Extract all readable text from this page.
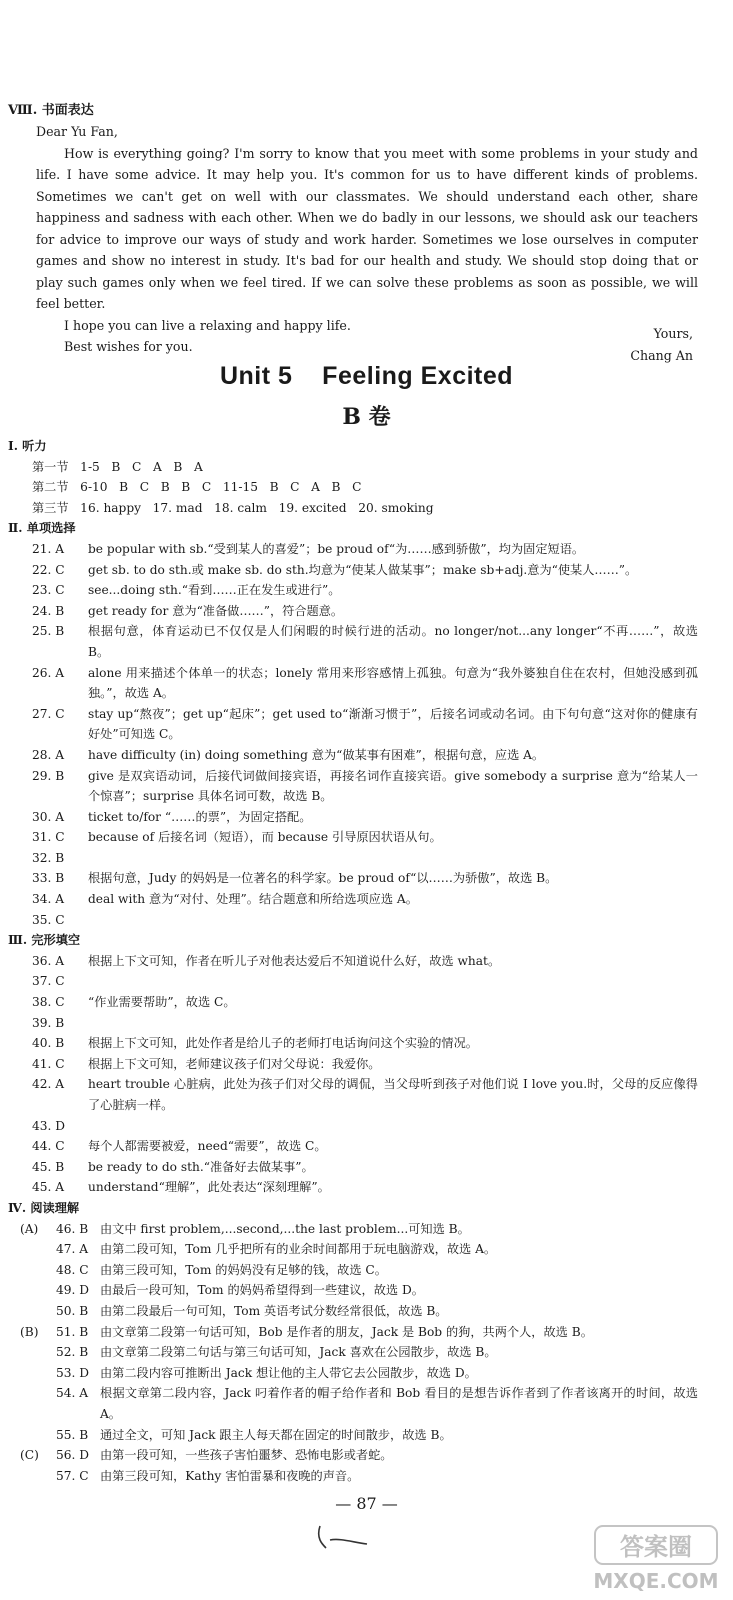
Ⅷ. 书面表达

Dear Yu Fan,

How is everything going? I'm sorry to know that you meet with some problems in your study and life. I have some advice. It may help you. It's common for us to have different kinds of problems. Sometimes we can't get on well with our classmates. We should understand each other, share happiness and sadness with each other. When we do badly in our lessons, we should ask our teachers for advice to improve our ways of study and work harder. Sometimes we lose ourselves in computer games and show no interest in study. It's bad for our health and study. We should stop doing that or play such games only when we feel tired. If we can solve these problems as soon as possible, we will feel better.

I hope you can live a relaxing and happy life.

Best wishes for you.

Yours,
Chang An
Unit 5    Feeling Excited
B 卷
Ⅰ. 听力
第一节   1-5   B   C   A   B   A
第二节   6-10   B   C   B   B   C   11-15   B   C   A   B   C
第三节   16. happy   17. mad   18. calm   19. excited   20. smoking
Ⅱ. 单项选择
21. A	be popular with sb.“受到某人的喜爱”；be proud of“为……感到骄傲”，均为固定短语。
22. C	get sb. to do sth.或 make sb. do sth.均意为“使某人做某事”；make sb+adj.意为“使某人……”。
23. C	see...doing sth.“看到……正在发生或进行”。
24. B	get ready for 意为“准备做……”，符合题意。
25. B	根据句意，体育运动已不仅仅是人们闲暇的时候行进的活动。no longer/not...any longer“不再……”，故选 B。
26. A	alone 用来描述个体单一的状态；lonely 常用来形容感情上孤独。句意为“我外婆独自住在农村，但她没感到孤独。”，故选 A。
27. C	stay up“熬夜”；get up“起床”；get used to“渐渐习惯于”，后接名词或动名词。由下句句意“这对你的健康有好处”可知选 C。
28. A	have difficulty (in) doing something 意为“做某事有困难”，根据句意，应选 A。
29. B	give 是双宾语动词，后接代词做间接宾语，再接名词作直接宾语。give somebody a surprise 意为“给某人一个惊喜”；surprise 具体名词可数，故选 B。
30. A	ticket to/for “……的票”，为固定搭配。
31. C	because of 后接名词（短语），而 because 引导原因状语从句。
32. B
33. B	根据句意，Judy 的妈妈是一位著名的科学家。be proud of“以……为骄傲”，故选 B。
34. A	deal with 意为“对付、处理”。结合题意和所给选项应选 A。
35. C
Ⅲ. 完形填空
36. A	根据上下文可知，作者在听儿子对他表达爱后不知道说什么好，故选 what。
37. C
38. C	“作业需要帮助”，故选 C。
39. B
40. B	根据上下文可知，此处作者是给儿子的老师打电话询问这个实验的情况。
41. C	根据上下文可知，老师建议孩子们对父母说：我爱你。
42. A	heart trouble 心脏病，此处为孩子们对父母的调侃，当父母听到孩子对他们说 I love you.时，父母的反应像得了心脏病一样。
43. D
44. C	每个人都需要被爱，need“需要”，故选 C。
45. B	be ready to do sth.“准备好去做某事”。
45. A	understand“理解”，此处表达“深刻理解”。
Ⅳ. 阅读理解
(A)	46. B 由文中 first problem,...second,...the last problem...可知选 B。
47. A 由第二段可知，Tom 几乎把所有的业余时间都用于玩电脑游戏，故选 A。
48. C 由第三段可知，Tom 的妈妈没有足够的钱，故选 C。
49. D 由最后一段可知，Tom 的妈妈希望得到一些建议，故选 D。
50. B 由第二段最后一句可知，Tom 英语考试分数经常很低，故选 B。
(B)	51. B 由文章第二段第一句话可知，Bob 是作者的朋友，Jack 是 Bob 的狗，共两个人，故选 B。
52. B 由文章第二段第二句话与第三句话可知，Jack 喜欢在公园散步，故选 B。
53. D 由第二段内容可推断出 Jack 想让他的主人带它去公园散步，故选 D。
54. A 根据文章第二段内容，Jack 叼着作者的帽子给作者和 Bob 看目的是想告诉作者到了作者该离开的时间，故选 A。
55. B 通过全文，可知 Jack 跟主人每天都在固定的时间散步，故选 B。
(C)	56. D 由第一段可知，一些孩子害怕噩梦、恐怖电影或者蛇。
57. C 由第三段可知，Kathy 害怕雷暴和夜晚的声音。
— 87 —
答案圈
MXQE.COM
